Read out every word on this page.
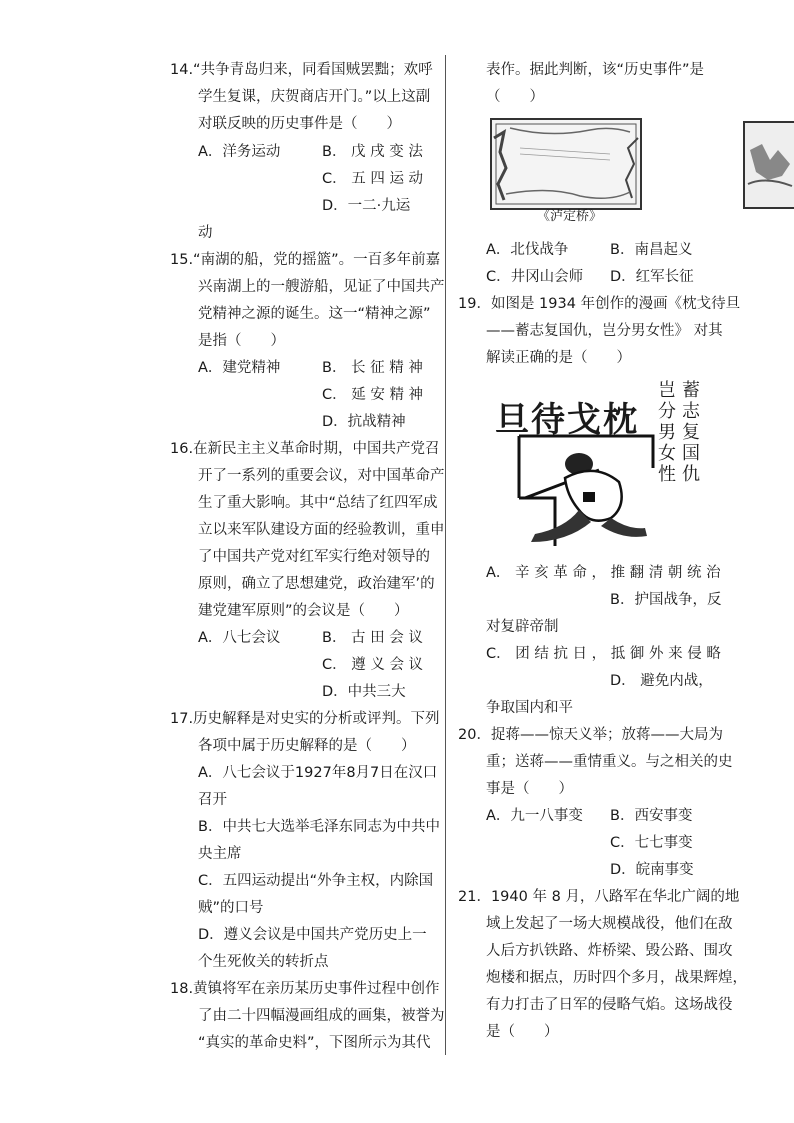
14.“共争青岛归来，同看国贼罢黜；欢呼
学生复课，庆贺商店开门。”以上这副
对联反映的历史事件是（　　）
A．洋务运动	B． 戊 戌 变 法
C． 五 四 运 动
D．一二·九运
动
15.“南湖的船，党的摇篮”。一百多年前嘉
兴南湖上的一艘游船，见证了中国共产
党精神之源的诞生。这一“精神之源”
是指（　　）
A．建党精神	B． 长 征 精 神
C． 延 安 精 神
D．抗战精神
16.在新民主主义革命时期，中国共产党召
开了一系列的重要会议，对中国革命产
生了重大影响。其中“总结了红四军成
立以来军队建设方面的经验教训，重申
了中国共产党对红军实行绝对领导的
原则，确立了思想建党，政治建军’的
建党建军原则”的会议是（　　）
A．八七会议	B． 古 田 会 议
C． 遵 义 会 议
D．中共三大
17.历史解释是对史实的分析或评判。下列
各项中属于历史解释的是（　　）
A．八七会议于1927年8月7日在汉口
召开
B．中共七大选举毛泽东同志为中共中
央主席
C．五四运动提出“外争主权，内除国
贼”的口号
D．遵义会议是中国共产党历史上一
个生死攸关的转折点
18.黄镇将军在亲历某历史事件过程中创作
了由二十四幅漫画组成的画集，被誉为
“真实的革命史料”，下图所示为其代
表作。据此判断，该“历史事件”是
（　　）
《泸定桥》
A．北伐战争	B．南昌起义
C．井冈山会师 D．红军长征
19．如图是 1934 年创作的漫画《枕戈待旦
——蓄志复国仇，岂分男女性》 对其
解读正确的是（　　）
旦待戈枕
蓄
志
复
国
仇
岂
分
男
女
性
A． 辛 亥 革 命 ， 推 翻 清 朝 统 治
B．护国战争，反
对复辟帝制
C． 团 结 抗 日 ， 抵 御 外 来 侵 略
D． 避免内战，
争取国内和平
20．捉蒋——惊天义举；放蒋——大局为
重；送蒋——重情重义。与之相关的史
事是（　　）
A．九一八事变 B．西安事变
C．七七事变
D．皖南事变
21．1940 年 8 月，八路军在华北广阔的地
域上发起了一场大规模战役，他们在敌
人后方扒铁路、炸桥梁、毁公路、围攻
炮楼和据点，历时四个多月，战果辉煌，
有力打击了日军的侵略气焰。这场战役
是（　　）
